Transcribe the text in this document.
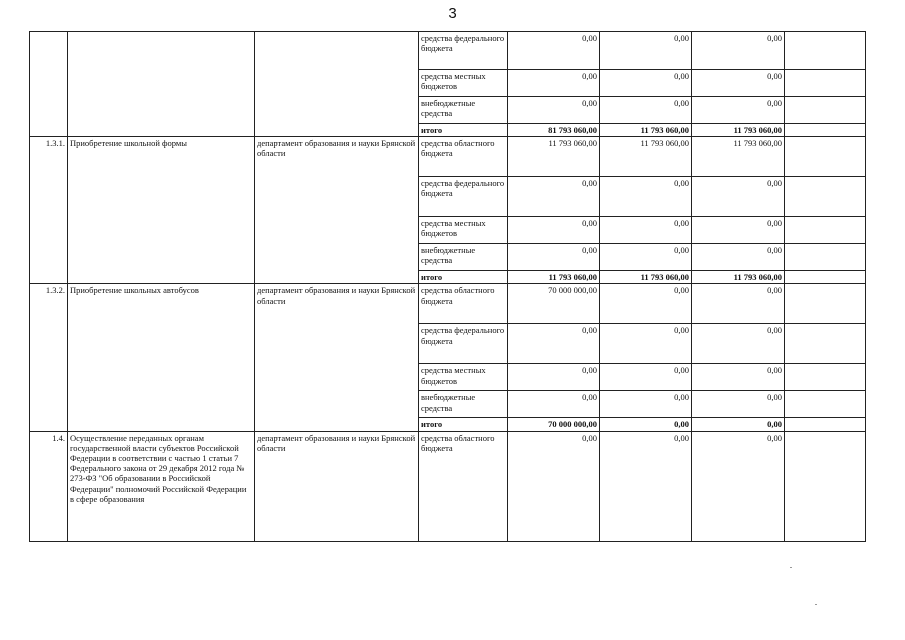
3
			средства федерального бюджета	0,00	0,00	0,00	
			средства местных бюджетов	0,00	0,00	0,00	
			внебюджетные средства	0,00	0,00	0,00	
			итого	81 793 060,00	11 793 060,00	11 793 060,00	
1.3.1.	Приобретение школьной формы	департамент образования и науки Брянской области	средства областного бюджета	11 793 060,00	11 793 060,00	11 793 060,00	
			средства федерального бюджета	0,00	0,00	0,00	
			средства местных бюджетов	0,00	0,00	0,00	
			внебюджетные средства	0,00	0,00	0,00	
			итого	11 793 060,00	11 793 060,00	11 793 060,00	
1.3.2.	Приобретение школьных автобусов	департамент образования и науки Брянской области	средства областного бюджета	70 000 000,00	0,00	0,00	
			средства федерального бюджета	0,00	0,00	0,00	
			средства местных бюджетов	0,00	0,00	0,00	
			внебюджетные средства	0,00	0,00	0,00	
			итого	70 000 000,00	0,00	0,00	
1.4.	Осуществление переданных органам государственной власти субъектов Российской Федерации в соответствии с частью 1 статьи 7 Федерального закона от 29 декабря 2012 года № 273-ФЗ "Об образовании в Российской Федерации" полномочий Российской Федерации в сфере образования	департамент образования и науки Брянской области	средства областного бюджета	0,00	0,00	0,00	
